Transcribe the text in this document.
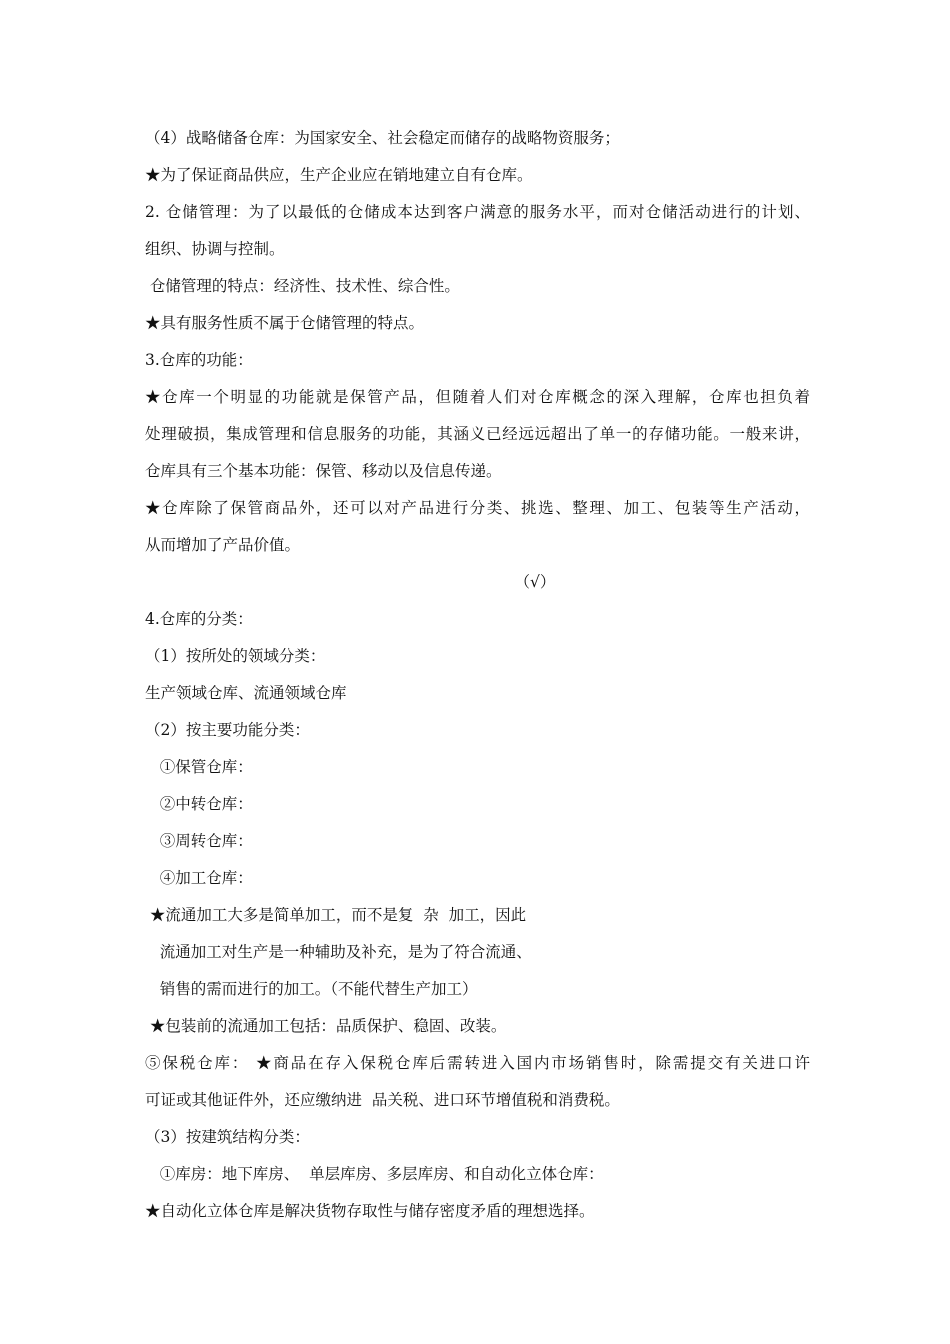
（4）战略储备仓库：为国家安全、社会稳定而储存的战略物资服务；
★为了保证商品供应，生产企业应在销地建立自有仓库。
2. 仓储管理：为了以最低的仓储成本达到客户满意的服务水平，而对仓储活动进行的计划、
组织、协调与控制。
仓储管理的特点：经济性、技术性、综合性。
★具有服务性质不属于仓储管理的特点。
3.仓库的功能：
★仓库一个明显的功能就是保管产品，但随着人们对仓库概念的深入理解，仓库也担负着
处理破损，集成管理和信息服务的功能，其涵义已经远远超出了单一的存储功能。一般来讲，
仓库具有三个基本功能：保管、移动以及信息传递。
★仓库除了保管商品外，还可以对产品进行分类、挑选、整理、加工、包装等生产活动，
从而增加了产品价值。
（√）
4.仓库的分类：
（1）按所处的领域分类：
生产领域仓库、流通领域仓库
（2）按主要功能分类：
①保管仓库：
②中转仓库：
③周转仓库：
④加工仓库：
★流通加工大多是简单加工，而不是复  杂  加工，因此
流通加工对生产是一种辅助及补充，是为了符合流通、
销售的需而进行的加工。（不能代替生产加工）
★包装前的流通加工包括：品质保护、稳固、改装。
⑤保税仓库： ★商品在存入保税仓库后需转进入国内市场销售时，除需提交有关进口许
可证或其他证件外，还应缴纳进  品关税、进口环节增值税和消费税。
（3）按建筑结构分类：
①库房：地下库房、  单层库房、多层库房、和自动化立体仓库：
★自动化立体仓库是解决货物存取性与储存密度矛盾的理想选择。
